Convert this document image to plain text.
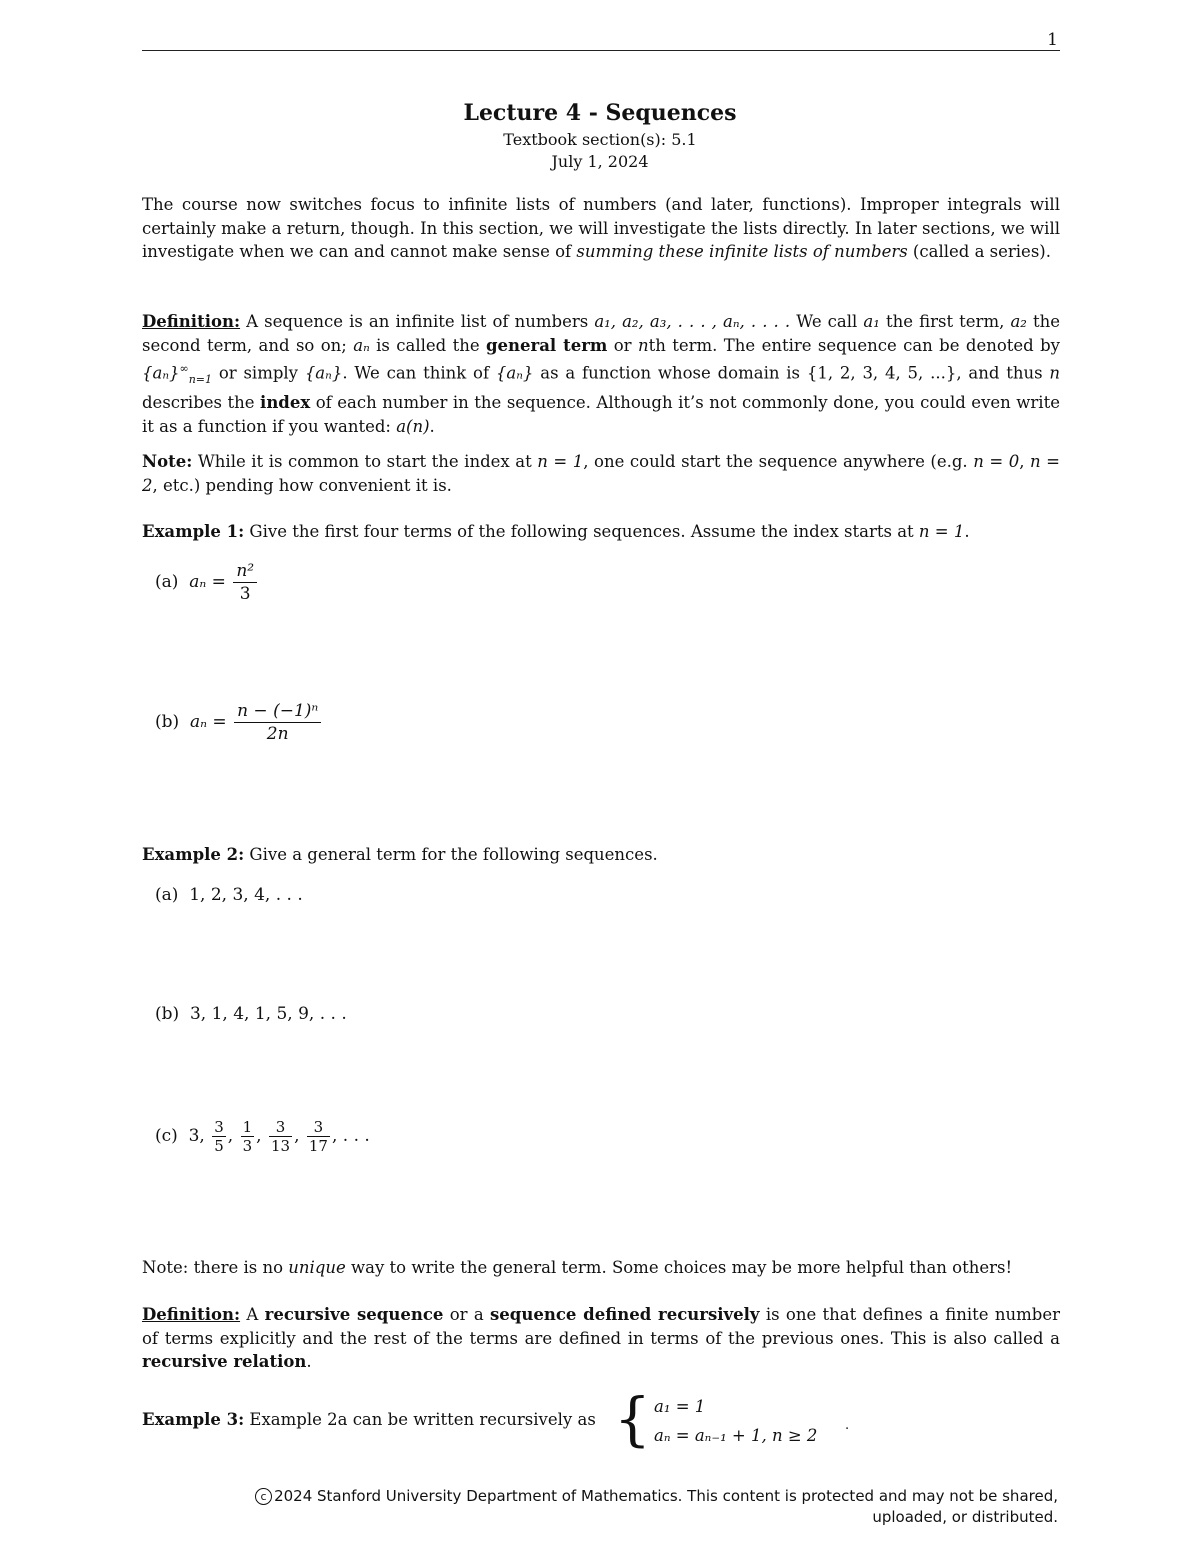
1
Lecture 4 - Sequences
Textbook section(s): 5.1
July 1, 2024
The course now switches focus to infinite lists of numbers (and later, functions). Improper integrals will certainly make a return, though. In this section, we will investigate the lists directly. In later sections, we will investigate when we can and cannot make sense of summing these infinite lists of numbers (called a series).
Definition: A sequence is an infinite list of numbers a₁, a₂, a₃, . . . , aₙ, . . . . We call a₁ the first term, a₂ the second term, and so on; aₙ is called the general term or nth term. The entire sequence can be denoted by $\{a_n\}^\infty_{n=1}$ or simply {aₙ}. We can think of {aₙ} as a function whose domain is {1, 2, 3, 4, 5, ...}, and thus n describes the index of each number in the sequence. Although it’s not commonly done, you could even write it as a function if you wanted: a(n).
Note: While it is common to start the index at n = 1, one could start the sequence anywhere (e.g. n = 0, n = 2, etc.) pending how convenient it is.
Example 1: Give the first four terms of the following sequences. Assume the index starts at n = 1.
(a) $a_n = \frac{\text{n²}}{3}$
(b) $a_n = \frac{\text{n − (−1)ⁿ}}{2n}$
Example 2: Give a general term for the following sequences.
(a) 1, 2, 3, 4, . . .
(b) 3, 1, 4, 1, 5, 9, . . .
(c) 3, $\frac{3}{5}$ , $\frac{1}{3}$ , $\frac{3}{13}$ , $\frac{3}{17}$ , . . .
Note: there is no unique way to write the general term. Some choices may be more helpful than others!
Definition: A recursive sequence or a sequence defined recursively is one that defines a finite number of terms explicitly and the rest of the terms are defined in terms of the previous ones. This is also called a recursive relation.
Example 3: Example 2a can be written recursively as { a₁ = 1
aₙ = aₙ₋₁ + 1, n ≥ 2
.
c 2024 Stanford University Department of Mathematics. This content is protected and may not be shared,
uploaded, or distributed.
